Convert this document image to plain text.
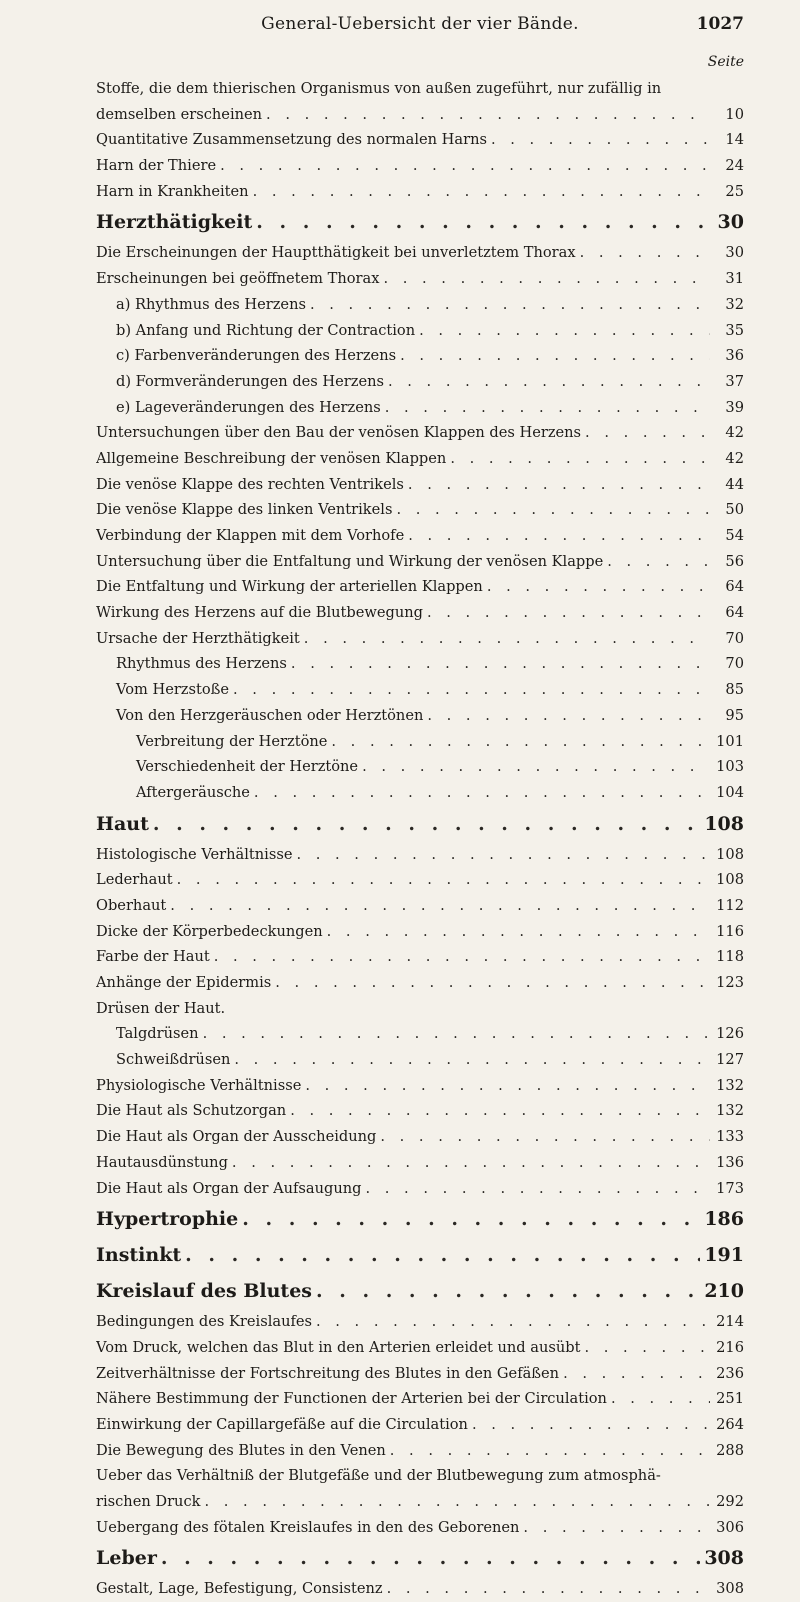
General-Uebersicht der vier Bände.	1027
Seite
Stoffe, die dem thierischen Organismus von außen zugeführt, nur zufällig in
demselben erscheinen . . .	10
Quantitative Zusammensetzung des normalen Harns . . .	14
Harn der Thiere . . .	24
Harn in Krankheiten . . .	25
Herzthätigkeit . . .	30
Die Erscheinungen der Hauptthätigkeit bei unverletztem Thorax . . .	30
Erscheinungen bei geöffnetem Thorax . . .	31
a) Rhythmus des Herzens . . .	32
b) Anfang und Richtung der Contraction . . .	35
c) Farbenveränderungen des Herzens . . .	36
d) Formveränderungen des Herzens . . .	37
e) Lageveränderungen des Herzens . . .	39
Untersuchungen über den Bau der venösen Klappen des Herzens . . .	42
Allgemeine Beschreibung der venösen Klappen . . .	42
Die venöse Klappe des rechten Ventrikels . . .	44
Die venöse Klappe des linken Ventrikels . . .	50
Verbindung der Klappen mit dem Vorhofe . . .	54
Untersuchung über die Entfaltung und Wirkung der venösen Klappe . . .	56
Die Entfaltung und Wirkung der arteriellen Klappen . . .	64
Wirkung des Herzens auf die Blutbewegung . . .	64
Ursache der Herzthätigkeit . . .	70
Rhythmus des Herzens . . .	70
Vom Herzstoße . . .	85
Von den Herzgeräuschen oder Herztönen . . .	95
Verbreitung der Herztöne . . .	101
Verschiedenheit der Herztöne . . .	103
Aftergeräusche . . .	104
Haut . . .	108
Histologische Verhältnisse . . .	108
Lederhaut . . .	108
Oberhaut . . .	112
Dicke der Körperbedeckungen . . .	116
Farbe der Haut . . .	118
Anhänge der Epidermis . . .	123
Drüsen der Haut.
Talgdrüsen . . .	126
Schweißdrüsen . . .	127
Physiologische Verhältnisse . . .	132
Die Haut als Schutzorgan . . .	132
Die Haut als Organ der Ausscheidung . . .	133
Hautausdünstung . . .	136
Die Haut als Organ der Aufsaugung . . .	173
Hypertrophie . . .	186
Instinkt . . .	191
Kreislauf des Blutes . . .	210
Bedingungen des Kreislaufes . . .	214
Vom Druck, welchen das Blut in den Arterien erleidet und ausübt . . .	216
Zeitverhältnisse der Fortschreitung des Blutes in den Gefäßen . . .	236
Nähere Bestimmung der Functionen der Arterien bei der Circulation . . .	251
Einwirkung der Capillargefäße auf die Circulation . . .	264
Die Bewegung des Blutes in den Venen . . .	288
Ueber das Verhältniß der Blutgefäße und der Blutbewegung zum atmosphä-
rischen Druck . . .	292
Uebergang des fötalen Kreislaufes in den des Geborenen . . .	306
Leber . . .	308
Gestalt, Lage, Befestigung, Consistenz . . .	308
